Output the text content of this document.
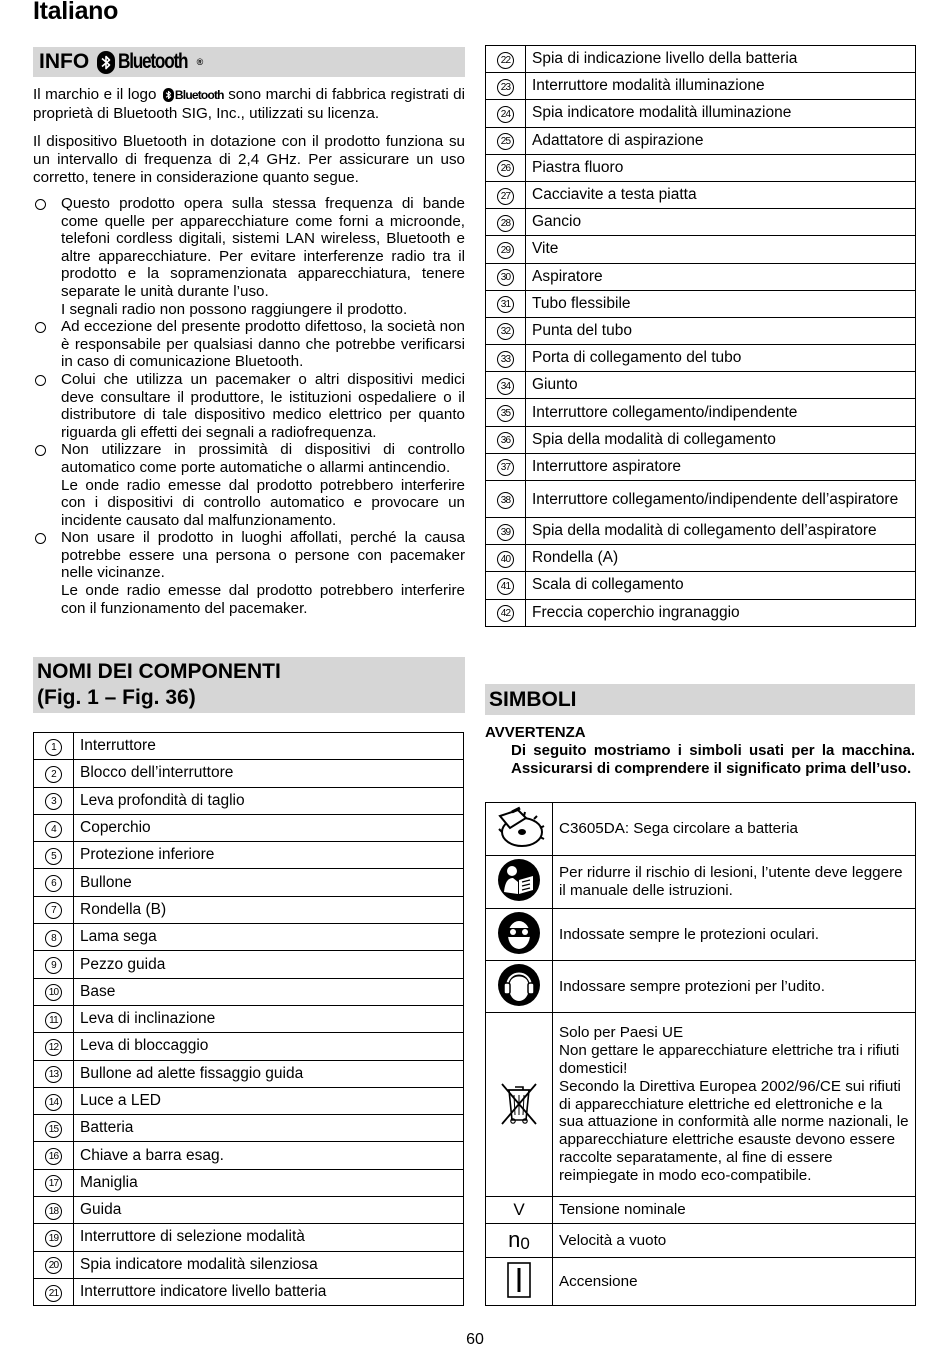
Italiano
INFO Bluetooth ®
Il marchio e il logo
Bluetooth sono marchi di fabbrica registrati di proprietà di Bluetooth SIG, Inc., utilizzati su licenza.
Il dispositivo Bluetooth in dotazione con il prodotto funziona su un intervallo di frequenza di 2,4 GHz. Per assicurare un uso corretto, tenere in considerazione quanto segue.

Questo prodotto opera sulla stessa frequenza di bande come quelle per apparecchiature come forni a microonde, telefoni cordless digitali, sistemi LAN wireless, Bluetooth e altre apparecchiature. Per evitare interferenze radio tra il prodotto e la sopramenzionata apparecchiatura, tenere separate le unità durante l’uso.

I segnali radio non possono raggiungere il prodotto.

Ad eccezione del presente prodotto difettoso, la società non è responsabile per qualsiasi danno che potrebbe verificarsi in caso di comunicazione Bluetooth.

Colui che utilizza un pacemaker o altri dispositivi medici deve consultare il produttore, le istituzioni ospedaliere o il distributore di tale dispositivo medico elettrico per quanto riguarda gli effetti dei segnali a radiofrequenza.

Non utilizzare in prossimità di dispositivi di controllo automatico come porte automatiche o allarmi antincendio.

Le onde radio emesse dal prodotto potrebbero interferire con i dispositivi di controllo automatico e provocare un incidente causato dal malfunzionamento.

Non usare il prodotto in luoghi affollati, perché la causa potrebbe essere una persona o persone con pacemaker nelle vicinanze.

Le onde radio emesse dal prodotto potrebbero interferire con il funzionamento del pacemaker.

NOMI DEI COMPONENTI
(Fig. 1 – Fig. 36)
1	Interruttore
2	Blocco dell’interruttore
3	Leva profondità di taglio
4	Coperchio
5	Protezione inferiore
6	Bullone
7	Rondella (B)
8	Lama sega
9	Pezzo guida
10	Base
11	Leva di inclinazione
12	Leva di bloccaggio
13	Bullone ad alette fissaggio guida
14	Luce a LED
15	Batteria
16	Chiave a barra esag.
17	Maniglia
18	Guida
19	Interruttore di selezione modalità
20	Spia indicatore modalità silenziosa
21	Interruttore indicatore livello batteria
22	Spia di indicazione livello della batteria
23	Interruttore modalità illuminazione
24	Spia indicatore modalità illuminazione
25	Adattatore di aspirazione
26	Piastra fluoro
27	Cacciavite a testa piatta
28	Gancio
29	Vite
30	Aspiratore
31	Tubo flessibile
32	Punta del tubo
33	Porta di collegamento del tubo
34	Giunto
35	Interruttore collegamento/indipendente
36	Spia della modalità di collegamento
37	Interruttore aspiratore
38	Interruttore collegamento/indipendente dell’aspiratore
39	Spia della modalità di collegamento dell’aspiratore
40	Rondella (A)
41	Scala di collegamento
42	Freccia coperchio ingranaggio
SIMBOLI
AVVERTENZA
Di seguito mostriamo i simboli usati per la macchina. Assicurarsi di comprendere il significato prima dell’uso.
	C3605DA: Sega circolare a batteria
	Per ridurre il rischio di lesioni, l’utente deve leggere il manuale delle istruzioni.
	Indossate sempre le protezioni oculari.
	Indossare sempre protezioni per l’udito.

Solo per Paesi UE
Non gettare le apparecchiature elettriche tra i rifiuti domestici!
Secondo la Direttiva Europea 2002/96/CE sui rifiuti di apparecchiature elettriche ed elettroniche e la sua attuazione in conformità alle norme nazionali, le apparecchiature elettriche esauste devono essere raccolte separatamente, al fine di essere reimpiegate in modo eco-compatibile.

V	Tensione nominale
$n_0$	Velocità a vuoto
	Accensione
60
